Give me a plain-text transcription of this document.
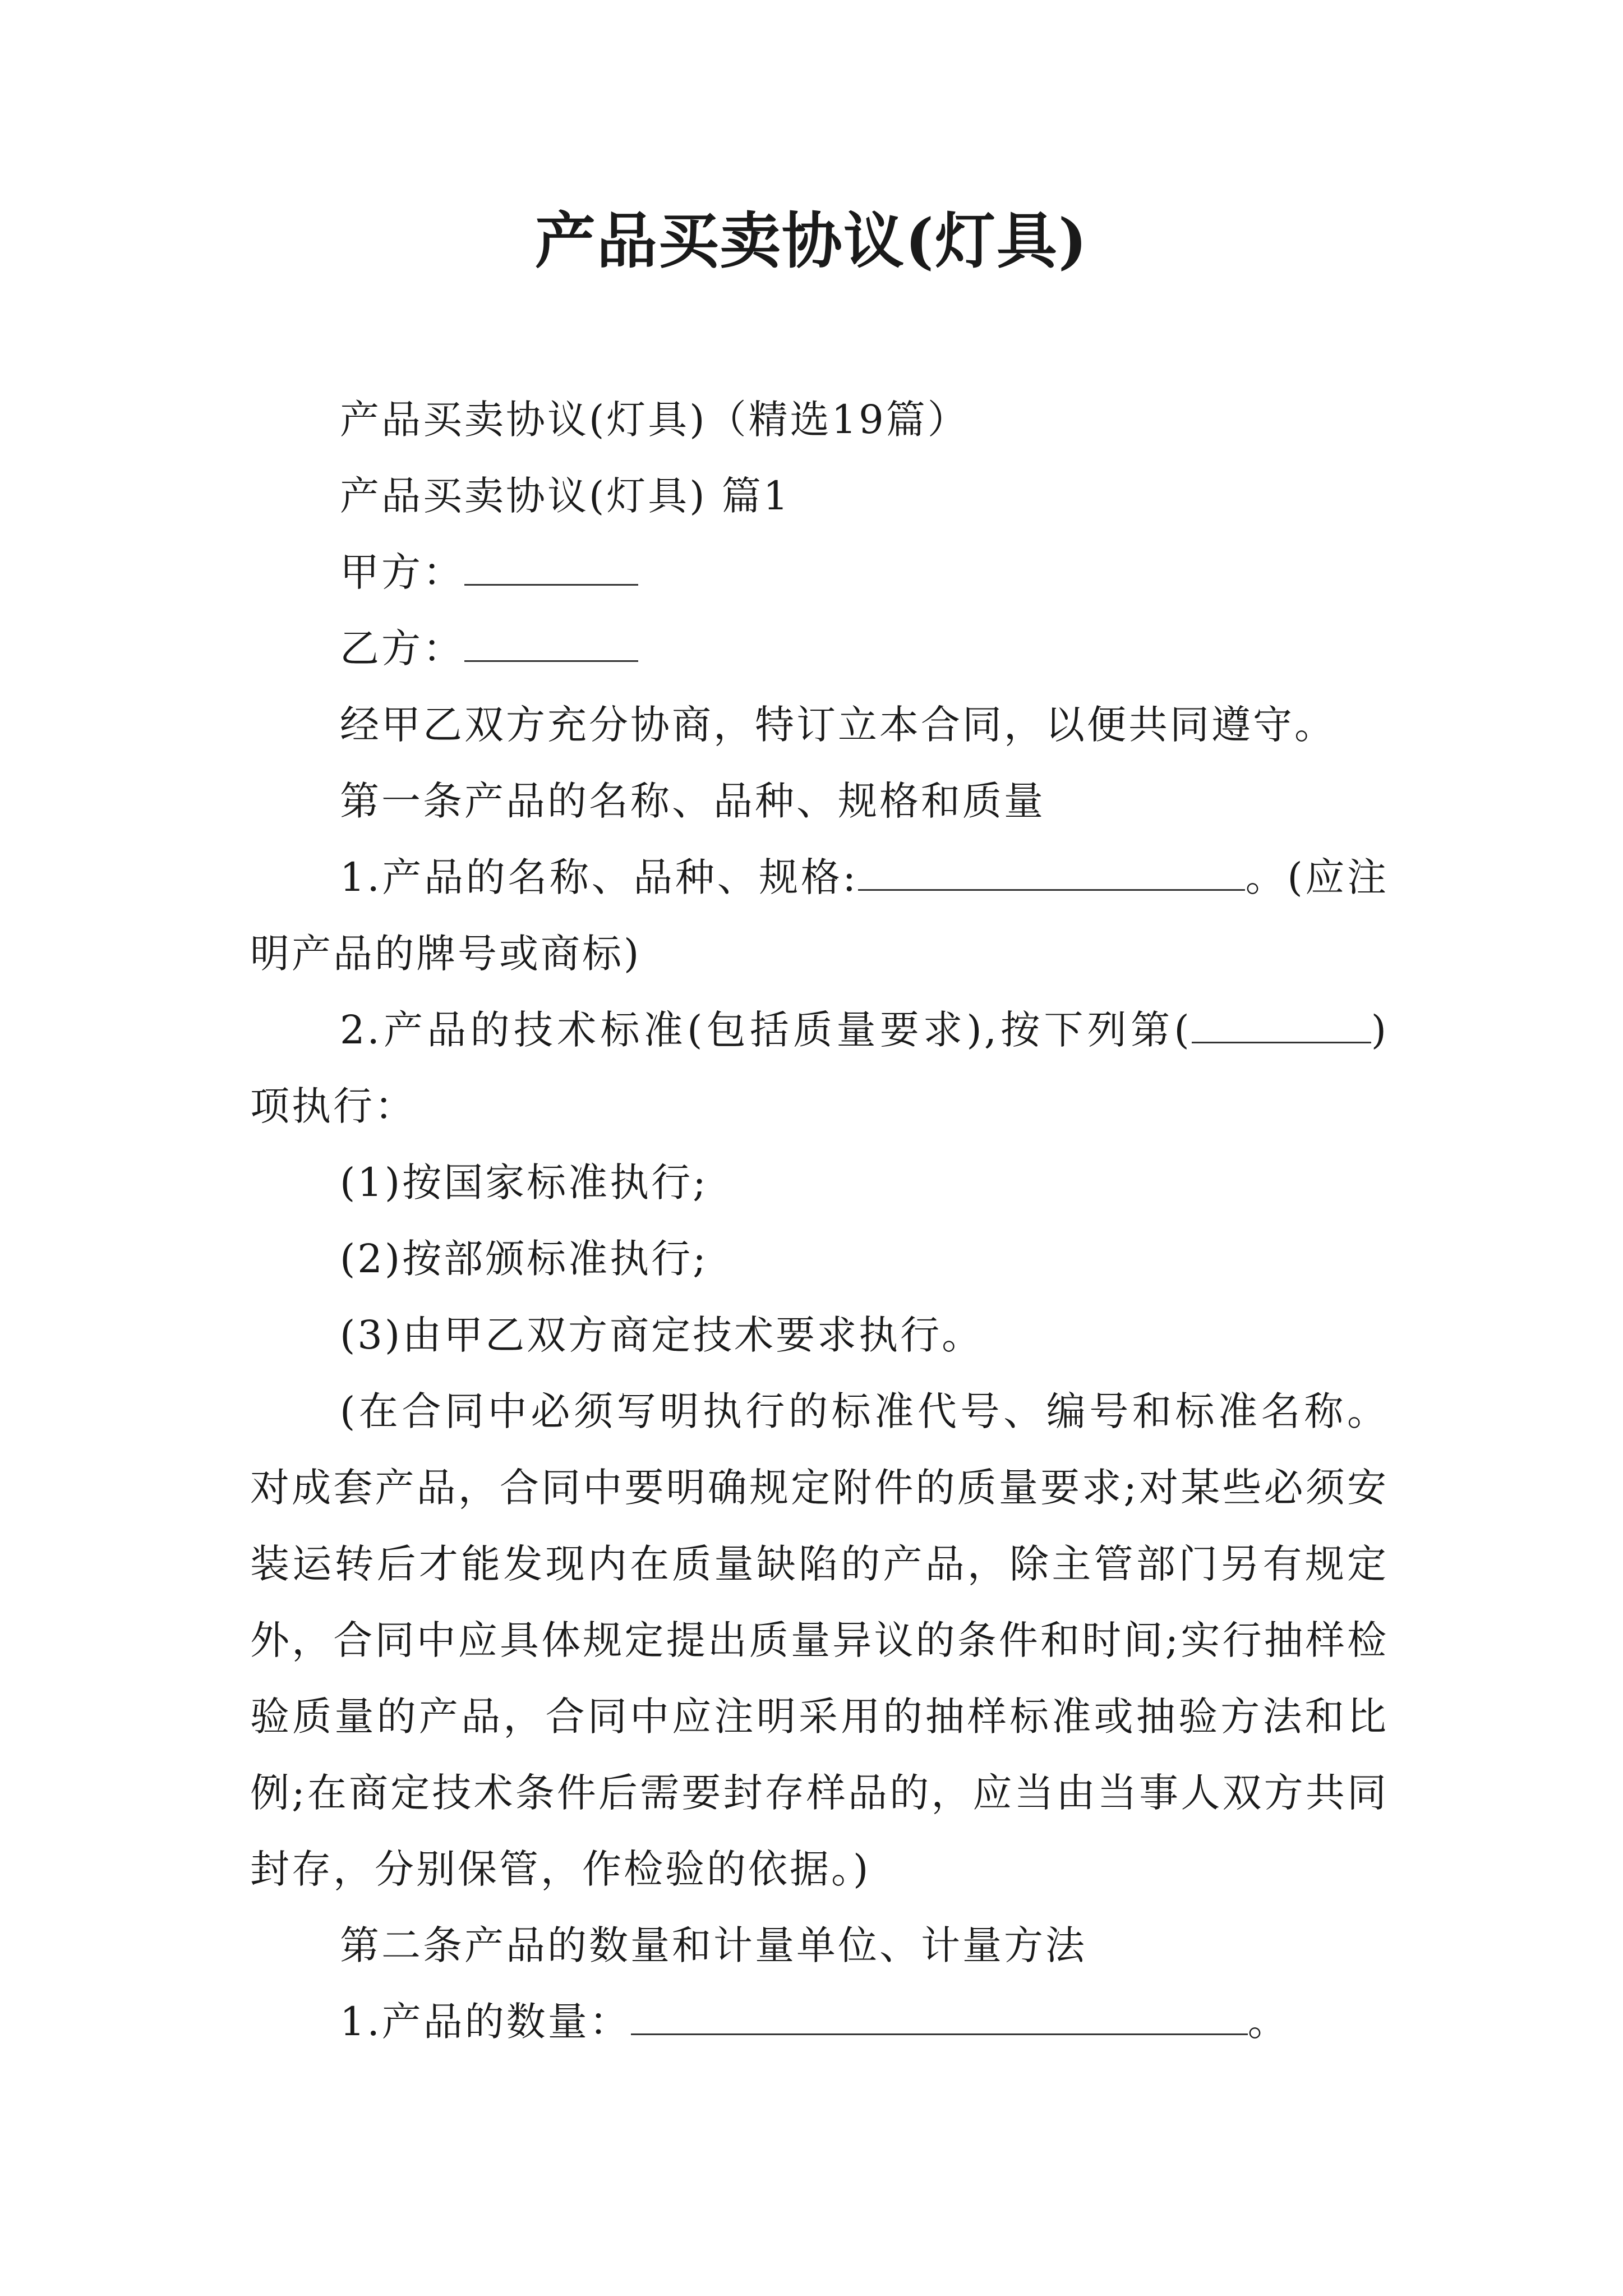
产品买卖协议(灯具)

产品买卖协议(灯具)（精选19篇）

产品买卖协议(灯具) 篇1

甲方：

乙方：

经甲乙双方充分协商，特订立本合同，以便共同遵守。

第一条产品的名称、品种、规格和质量

1.产品的名称、品种、规格:	。(应注明产品的牌号或商标)

2.产品的技术标准(包括质量要求),按下列第(	)项执行：

(1)按国家标准执行;

(2)按部颁标准执行;

(3)由甲乙双方商定技术要求执行。

(在合同中必须写明执行的标准代号、编号和标准名称。对成套产品，合同中要明确规定附件的质量要求;对某些必须安装运转后才能发现内在质量缺陷的产品，除主管部门另有规定外，合同中应具体规定提出质量异议的条件和时间;实行抽样检验质量的产品，合同中应注明采用的抽样标准或抽验方法和比例;在商定技术条件后需要封存样品的，应当由当事人双方共同封存，分别保管，作检验的依据。)

第二条产品的数量和计量单位、计量方法

1.产品的数量：	。
